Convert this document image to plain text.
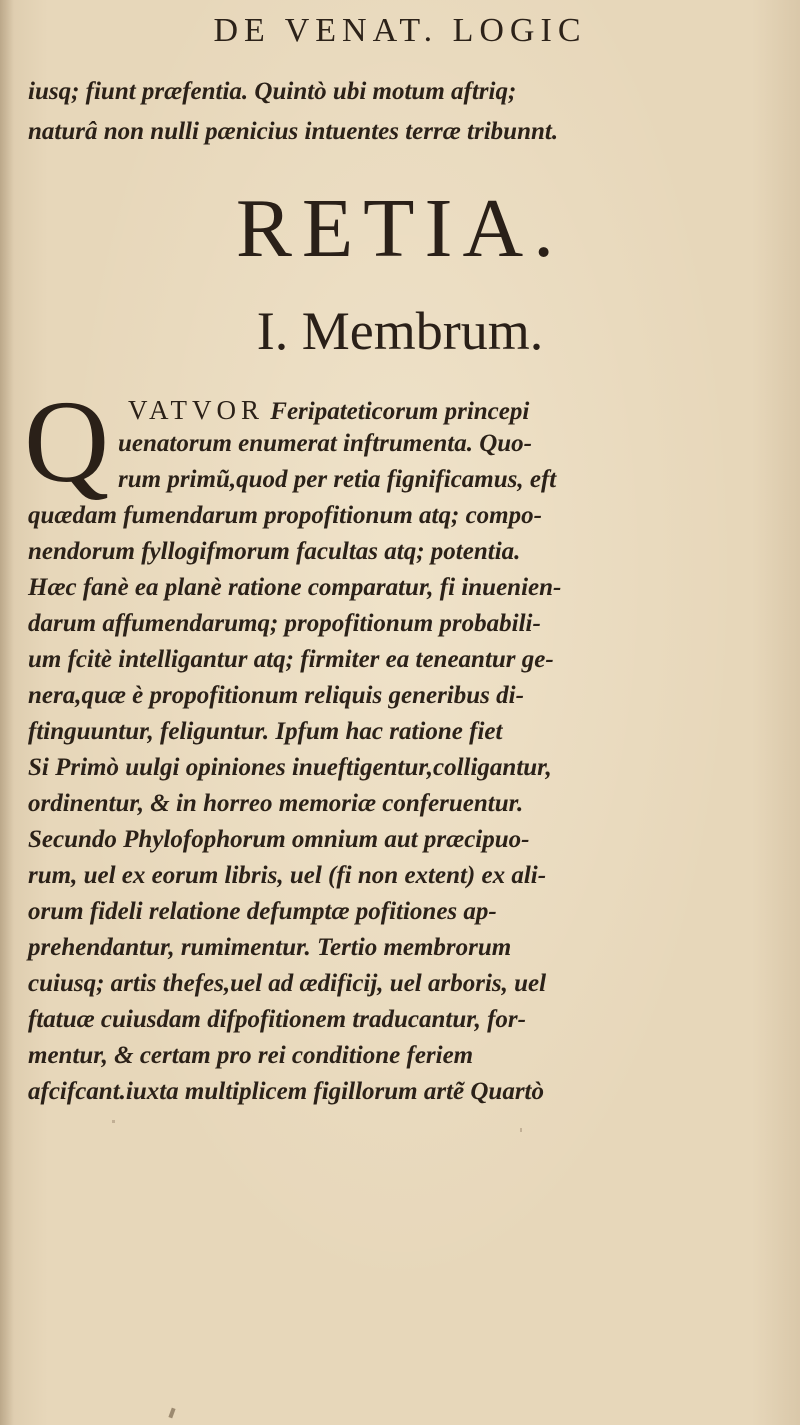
DE VENAT. LOGIC
iusq; fiunt præfentia. Quintò ubi motum aftriq;
naturâ non nulli pænicius intuentes terræ tribunnt.
RETIA.
I. Membrum.
Q VATVOR Feripateticorum princepi
uenatorum enumerat inftrumenta. Quo-
rum primũ,quod per retia fignificamus, eft
quædam fumendarum propofitionum atq; compo-
nendorum fyllogifmorum facultas atq; potentia.
Hæc fanè ea planè ratione comparatur, fi inuenien-
darum affumendarumq; propofitionum probabili-
um fcitè intelligantur atq; firmiter ea teneantur ge-
nera,quæ è propofitionum reliquis generibus di-
ftinguuntur, feliguntur. Ipfum hac ratione fiet
Si Primò uulgi opiniones inueftigentur,colligantur,
ordinentur, & in horreo memoriæ conferuentur.
Secundo Phylofophorum omnium aut præcipuo-
rum, uel ex eorum libris, uel (fi non extent) ex ali-
orum fideli relatione defumptæ pofitiones ap-
prehendantur, rumimentur. Tertio membrorum
cuiusq; artis thefes,uel ad ædificij, uel arboris, uel
ftatuæ cuiusdam difpofitionem traducantur, for-
mentur, & certam pro rei conditione feriem
afcifcant.iuxta multiplicem figillorum artẽ Quartò
